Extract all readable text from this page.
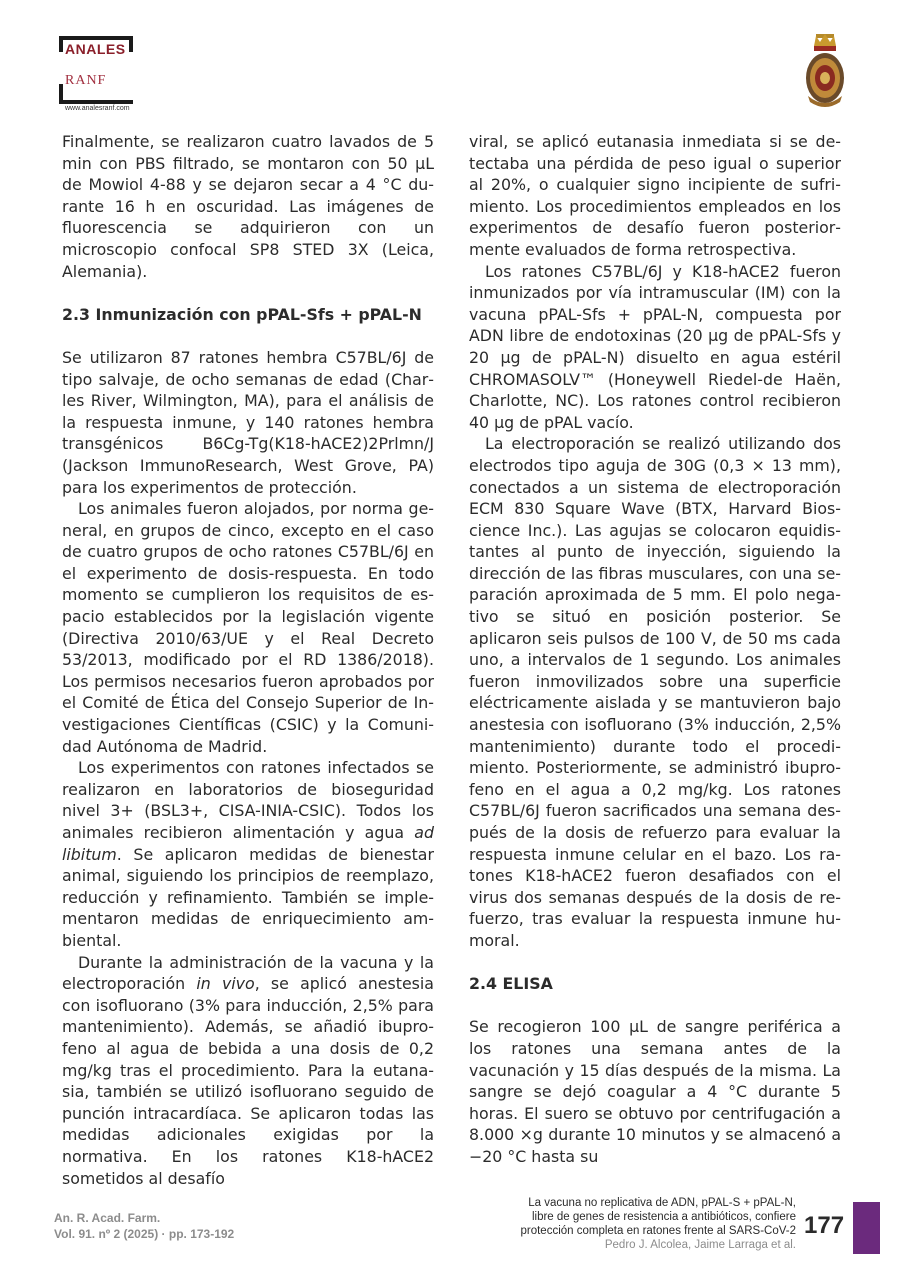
ANALES
RANF
www.analesranf.com

Finalmente, se realizaron cuatro lavados de 5 min con PBS filtrado, se montaron con 50 µL de Mowiol 4-88 y se dejaron secar a 4 °C durante 16 h en oscuridad. Las imágenes de fluorescencia se adquirieron con un microscopio confocal SP8 STED 3X (Leica, Alemania).

2.3 Inmunización con pPAL-Sfs + pPAL-N

Se utilizaron 87 ratones hembra C57BL/6J de tipo salvaje, de ocho semanas de edad (Charles River, Wilmington, MA), para el análisis de la respuesta inmune, y 140 ratones hembra transgénicos B6Cg-Tg(K18-hACE2)2Prlmn/J (Jackson ImmunoResearch, West Grove, PA) para los experimentos de protección.

Los animales fueron alojados, por norma general, en grupos de cinco, excepto en el caso de cuatro grupos de ocho ratones C57BL/6J en el experimento de dosis-respuesta. En todo momento se cumplieron los requisitos de espacio establecidos por la legislación vigente (Directiva 2010/63/UE y el Real Decreto 53/2013, modificado por el RD 1386/2018). Los permisos necesarios fueron aprobados por el Comité de Ética del Consejo Superior de Investigaciones Científicas (CSIC) y la Comunidad Autónoma de Madrid.

Los experimentos con ratones infectados se realizaron en laboratorios de bioseguridad nivel 3+ (BSL3+, CISA-INIA-CSIC). Todos los animales recibieron alimentación y agua ad libitum. Se aplicaron medidas de bienestar animal, siguiendo los principios de reemplazo, reducción y refinamiento. También se implementaron medidas de enriquecimiento ambiental.

Durante la administración de la vacuna y la electroporación in vivo, se aplicó anestesia con isofluorano (3% para inducción, 2,5% para mantenimiento). Además, se añadió ibuprofeno al agua de bebida a una dosis de 0,2 mg/kg tras el procedimiento. Para la eutanasia, también se utilizó isofluorano seguido de punción intracardíaca. Se aplicaron todas las medidas adicionales exigidas por la normativa. En los ratones K18-hACE2 sometidos al desafío

viral, se aplicó eutanasia inmediata si se detectaba una pérdida de peso igual o superior al 20%, o cualquier signo incipiente de sufrimiento. Los procedimientos empleados en los experimentos de desafío fueron posteriormente evaluados de forma retrospectiva.

Los ratones C57BL/6J y K18-hACE2 fueron inmunizados por vía intramuscular (IM) con la vacuna pPAL-Sfs + pPAL-N, compuesta por ADN libre de endotoxinas (20 µg de pPAL-Sfs y 20 µg de pPAL-N) disuelto en agua estéril CHROMASOLV™ (Honeywell Riedel-de Haën, Charlotte, NC). Los ratones control recibieron 40 µg de pPAL vacío.

La electroporación se realizó utilizando dos electrodos tipo aguja de 30G (0,3 × 13 mm), conectados a un sistema de electroporación ECM 830 Square Wave (BTX, Harvard Bioscience Inc.). Las agujas se colocaron equidistantes al punto de inyección, siguiendo la dirección de las fibras musculares, con una separación aproximada de 5 mm. El polo negativo se situó en posición posterior. Se aplicaron seis pulsos de 100 V, de 50 ms cada uno, a intervalos de 1 segundo. Los animales fueron inmovilizados sobre una superficie eléctricamente aislada y se mantuvieron bajo anestesia con isofluorano (3% inducción, 2,5% mantenimiento) durante todo el procedimiento. Posteriormente, se administró ibuprofeno en el agua a 0,2 mg/kg. Los ratones C57BL/6J fueron sacrificados una semana después de la dosis de refuerzo para evaluar la respuesta inmune celular en el bazo. Los ratones K18-hACE2 fueron desafiados con el virus dos semanas después de la dosis de refuerzo, tras evaluar la respuesta inmune humoral.

2.4 ELISA

Se recogieron 100 µL de sangre periférica a los ratones una semana antes de la vacunación y 15 días después de la misma. La sangre se dejó coagular a 4 °C durante 5 horas. El suero se obtuvo por centrifugación a 8.000 ×g durante 10 minutos y se almacenó a −20 °C hasta su

An. R. Acad. Farm.
Vol. 91. nº 2 (2025) · pp. 173-192
La vacuna no replicativa de ADN, pPAL-S + pPAL-N,
libre de genes de resistencia a antibióticos, confiere
protección completa en ratones frente al SARS-CoV-2
Pedro J. Alcolea, Jaime Larraga et al.
177
